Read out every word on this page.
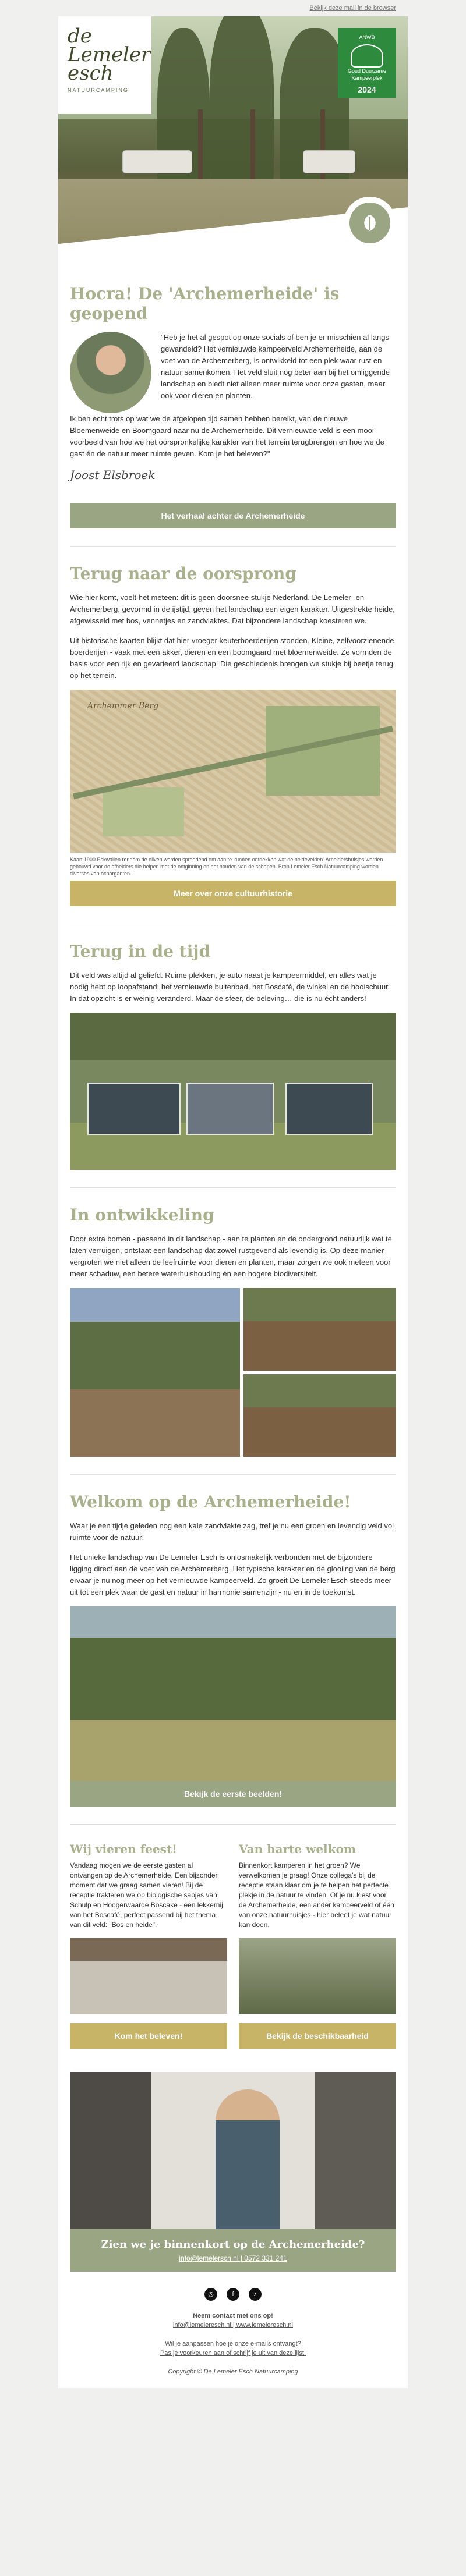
Bekijk deze mail in de browser
de
Lemeler
esch
NATUURCAMPING
ANWB
Goud Duurzame Kampeerplek
2024
Hocra! De 'Archemerheide' is geopend

"Heb je het al gespot op onze socials of ben je er misschien al langs gewandeld? Het vernieuwde kampeerveld Archemerheide, aan de voet van de Archemerberg, is ontwikkeld tot een plek waar rust en natuur samenkomen. Het veld sluit nog beter aan bij het omliggende landschap en biedt niet alleen meer ruimte voor onze gasten, maar ook voor dieren en planten.

Ik ben echt trots op wat we de afgelopen tijd samen hebben bereikt, van de nieuwe Bloemenweide en Boomgaard naar nu de Archemerheide. Dit vernieuwde veld is een mooi voorbeeld van hoe we het oorspronkelijke karakter van het terrein terugbrengen en hoe we de gast én de natuur meer ruimte geven. Kom je het beleven?"

Joost Elsbroek
Het verhaal achter de Archemerheide
Terug naar de oorsprong

Wie hier komt, voelt het meteen: dit is geen doorsnee stukje Nederland. De Lemeler- en Archemerberg, gevormd in de ijstijd, geven het landschap een eigen karakter. Uitgestrekte heide, afgewisseld met bos, vennetjes en zandvlaktes. Dat bijzondere landschap koesteren we.

Uit historische kaarten blijkt dat hier vroeger keuterboerderijen stonden. Kleine, zelfvoorzienende boerderijen - vaak met een akker, dieren en een boomgaard met bloemenweide. Ze vormden de basis voor een rijk en gevarieerd landschap! Die geschiedenis brengen we stukje bij beetje terug op het terrein.

Archemmer Berg
Kaart 1900 Eskwallen rondom de oliven worden spreddend om aan te kunnen ontdekken wat de heidevelden. Arbeidershuisjes worden gebouwd voor de afbelders die helpen met de ontginning en het houden van de schapen. Bron Lemeler Esch Natuurcamping worden diverses van ocharganten.
Meer over onze cultuurhistorie
Terug in de tijd

Dit veld was altijd al geliefd. Ruime plekken, je auto naast je kampeermiddel, en alles wat je nodig hebt op loopafstand: het vernieuwde buitenbad, het Boscafé, de winkel en de hooischuur. In dat opzicht is er weinig veranderd. Maar de sfeer, de beleving… die is nu écht anders!

In ontwikkeling

Door extra bomen - passend in dit landschap - aan te planten en de ondergrond natuurlijk wat te laten verruigen, ontstaat een landschap dat zowel rustgevend als levendig is. Op deze manier vergroten we niet alleen de leefruimte voor dieren en planten, maar zorgen we ook meteen voor meer schaduw, een betere waterhuishouding én een hogere biodiversiteit.

Welkom op de Archemerheide!

Waar je een tijdje geleden nog een kale zandvlakte zag, tref je nu een groen en levendig veld vol ruimte voor de natuur!

Het unieke landschap van De Lemeler Esch is onlosmakelijk verbonden met de bijzondere ligging direct aan de voet van de Archemerberg. Het typische karakter en de glooiing van de berg ervaar je nu nog meer op het vernieuwde kampeerveld. Zo groeit De Lemeler Esch steeds meer uit tot een plek waar de gast en natuur in harmonie samenzijn - nu en in de toekomst.

Bekijk de eerste beelden!
Wij vieren feest!

Vandaag mogen we de eerste gasten al ontvangen op de Archemerheide. Een bijzonder moment dat we graag samen vieren! Bij de receptie trakteren we op biologische sapjes van Schulp en Hoogerwaarde Boscake - een lekkernij van het Boscafé, perfect passend bij het thema van dit veld: "Bos en heide".

Kom het beleven!
Van harte welkom

Binnenkort kamperen in het groen? We verwelkomen je graag! Onze collega's bij de receptie staan klaar om je te helpen het perfecte plekje in de natuur te vinden. Of je nu kiest voor de Archemerheide, een ander kampeerveld of één van onze natuurhuisjes - hier beleef je wat natuur kan doen.

Bekijk de beschikbaarheid
Zien we je binnenkort op de Archemerheide?
info@lemelersch.nl | 0572 331 241
◎	f	♪
Neem contact met ons op!
info@lemeleresch.nl | www.lemeleresch.nl
Wil je aanpassen hoe je onze e-mails ontvangt?
Pas je voorkeuren aan of schrijf je uit van deze lijst.
Copyright © De Lemeler Esch Natuurcamping
